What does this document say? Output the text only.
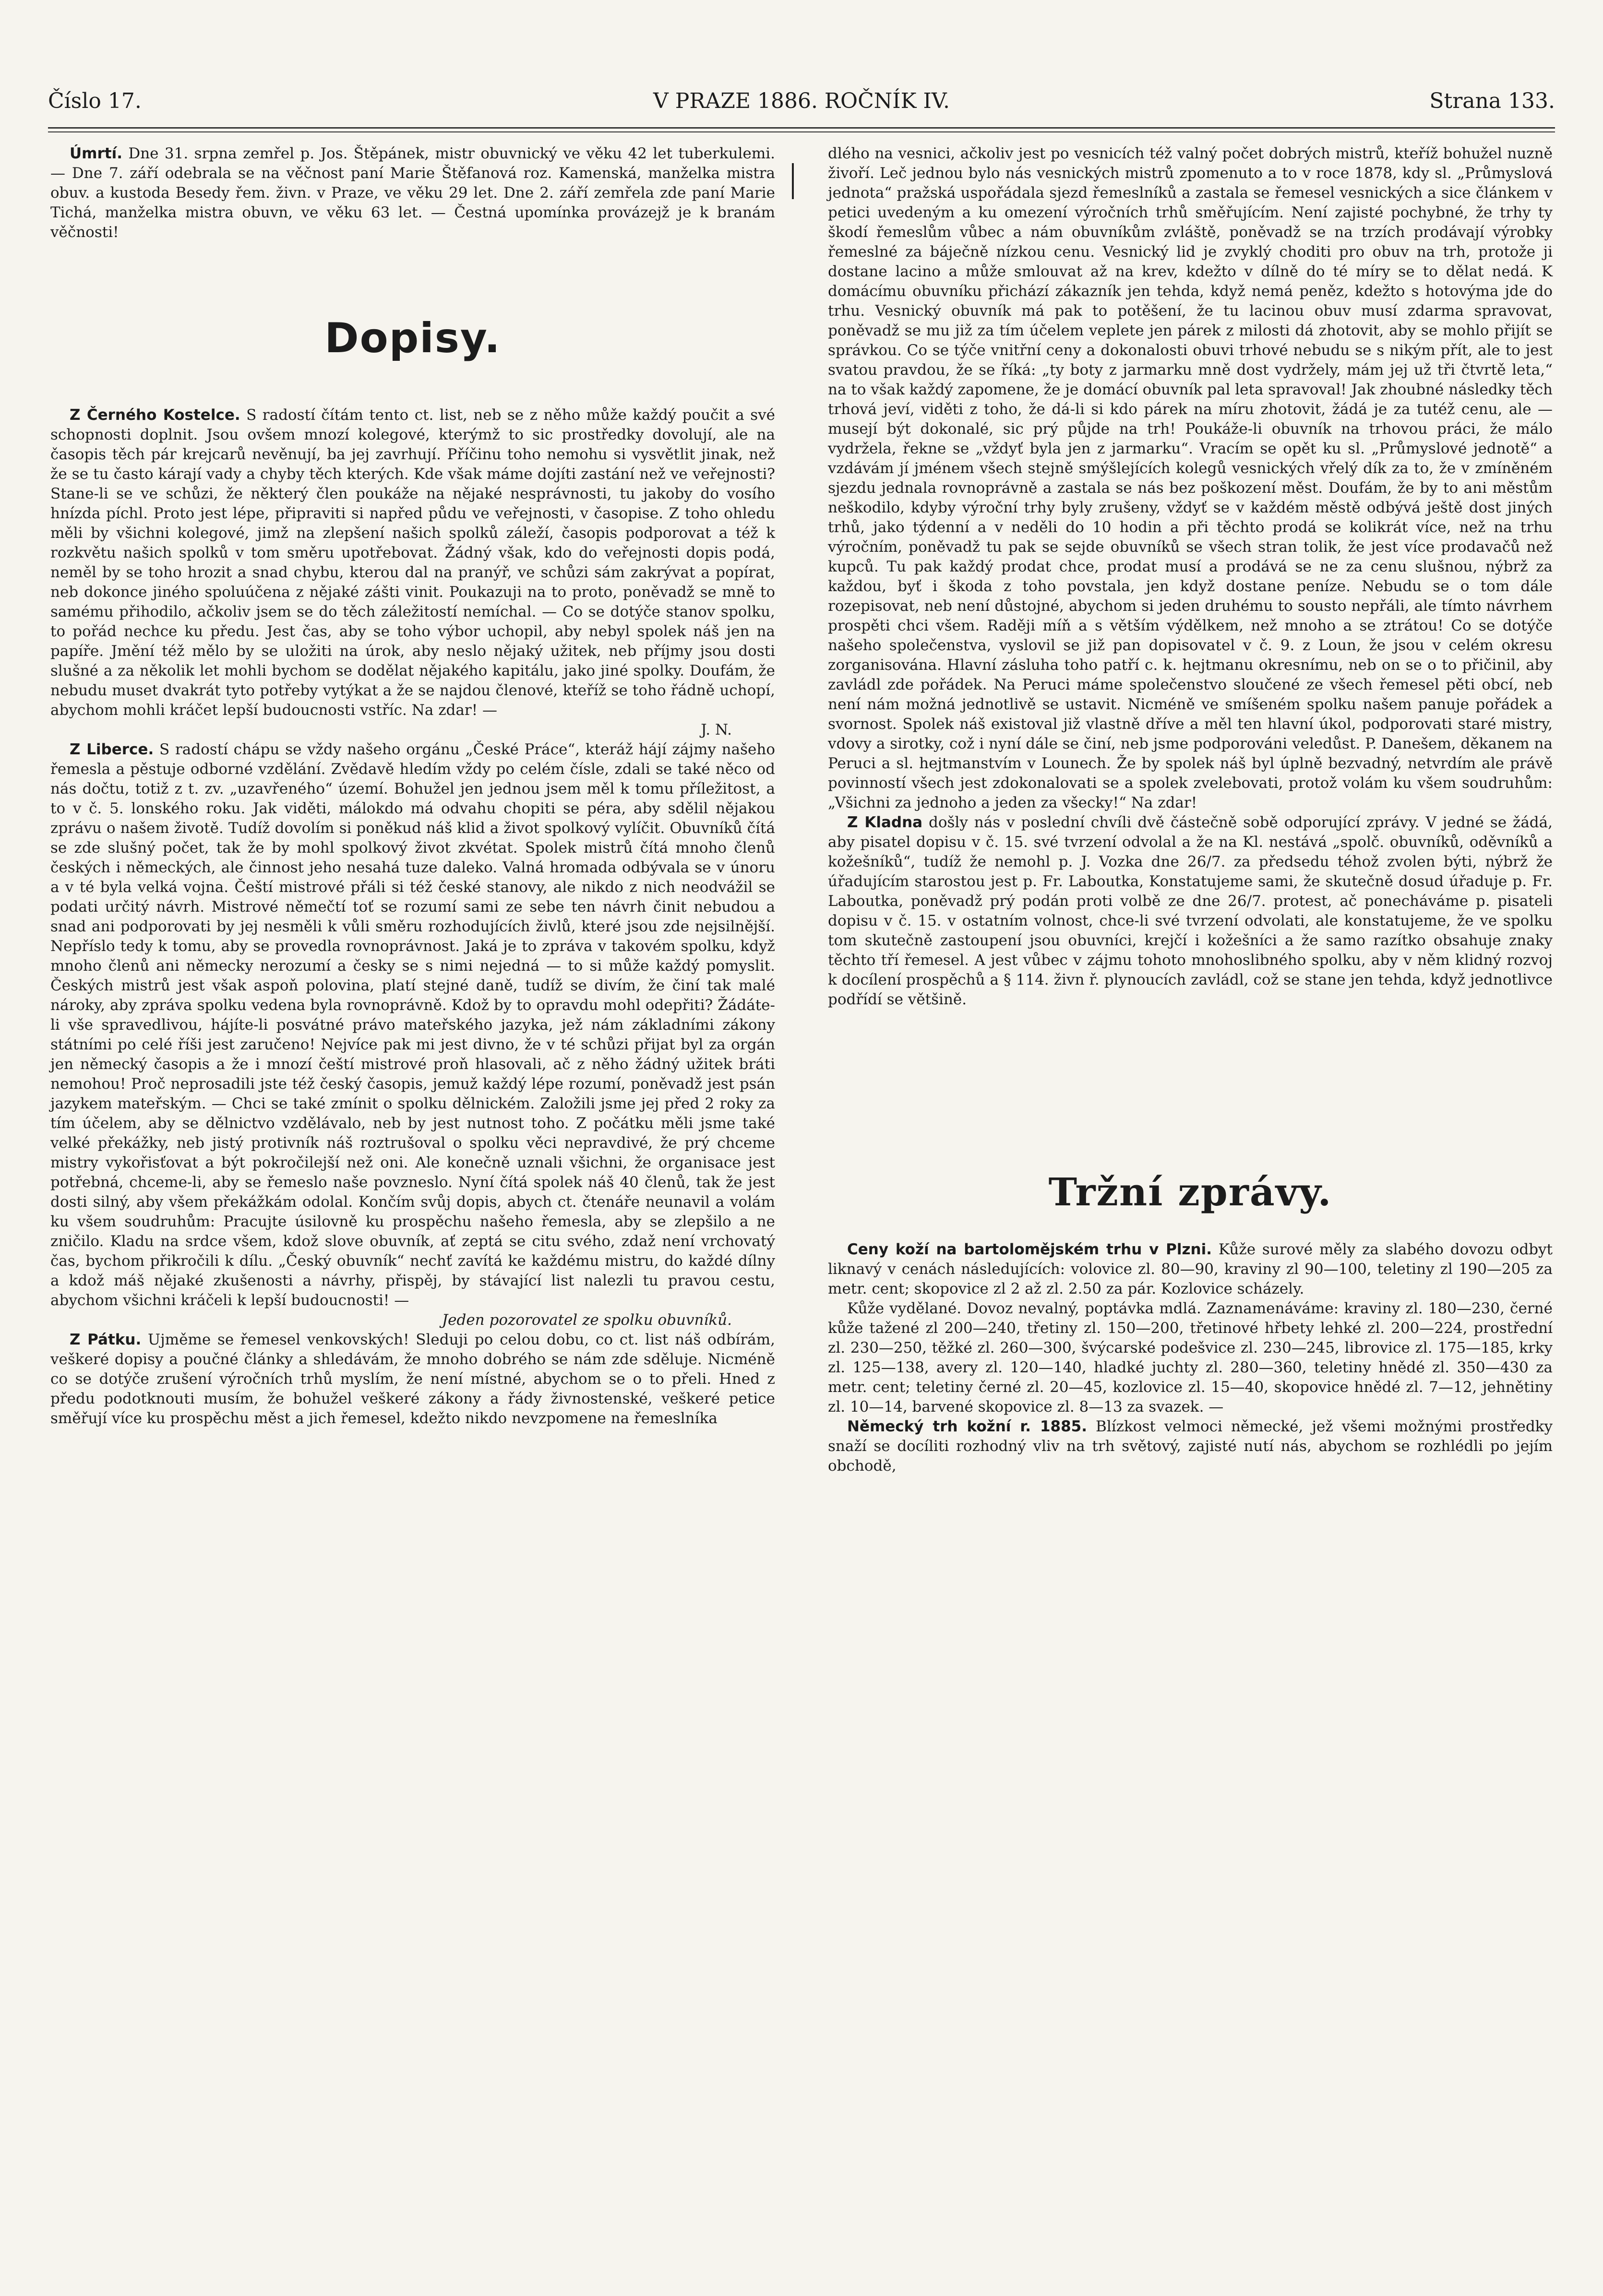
Číslo 17.	V PRAZE 1886. ROČNÍK IV.	Strana 133.

Úmrtí. Dne 31. srpna zemřel p. Jos. Štěpánek, mistr obuvnický ve věku 42 let tuberkulemi. — Dne 7. září odebrala se na věčnost paní Marie Štěfanová roz. Kamenská, manželka mistra obuv. a kustoda Besedy řem. živn. v Praze, ve věku 29 let. Dne 2. září zemřela zde paní Marie Tichá, manželka mistra obuvn, ve věku 63 let. — Čestná upomínka provázejž je k branám věčnosti!

Dopisy.

Z Černého Kostelce. S radostí čítám tento ct. list, neb se z něho může každý poučit a své schopnosti doplnit. Jsou ovšem mnozí kolegové, kterýmž to sic prostředky dovolují, ale na časopis těch pár krejcarů nevěnují, ba jej zavrhují. Příčinu toho nemohu si vysvětlit jinak, než že se tu často kárají vady a chyby těch kterých. Kde však máme dojíti zastání než ve veřejnosti? Stane-li se ve schůzi, že některý člen poukáže na nějaké nesprávnosti, tu jakoby do vosího hnízda píchl. Proto jest lépe, připraviti si napřed půdu ve veřejnosti, v časopise. Z toho ohledu měli by všichni kolegové, jimž na zlepšení našich spolků záleží, časopis podporovat a též k rozkvětu našich spolků v tom směru upotřebovat. Žádný však, kdo do veřejnosti dopis podá, neměl by se toho hrozit a snad chybu, kterou dal na pranýř, ve schůzi sám zakrývat a popírat, neb dokonce jiného spoluúčena z nějaké zášti vinit. Poukazuji na to proto, poněvadž se mně to samému přihodilo, ačkoliv jsem se do těch záležitostí nemíchal. — Co se dotýče stanov spolku, to pořád nechce ku předu. Jest čas, aby se toho výbor uchopil, aby nebyl spolek náš jen na papíře. Jmění též mělo by se uložiti na úrok, aby neslo nějaký užitek, neb příjmy jsou dosti slušné a za několik let mohli bychom se dodělat nějakého kapitálu, jako jiné spolky. Doufám, že nebudu muset dvakrát tyto potřeby vytýkat a že se najdou členové, kteříž se toho řádně uchopí, abychom mohli kráčet lepší budoucnosti vstříc. Na zdar! —

J. N.

Z Liberce. S radostí chápu se vždy našeho orgánu „České Práce“, kteráž hájí zájmy našeho řemesla a pěstuje odborné vzdělání. Zvědavě hledím vždy po celém čísle, zdali se také něco od nás dočtu, totiž z t. zv. „uzavřeného“ území. Bohužel jen jednou jsem měl k tomu příležitost, a to v č. 5. lonského roku. Jak viděti, málokdo má odvahu chopiti se péra, aby sdělil nějakou zprávu o našem životě. Tudíž dovolím si poněkud náš klid a život spolkový vylíčit. Obuvníků čítá se zde slušný počet, tak že by mohl spolkový život zkvétat. Spolek mistrů čítá mnoho členů českých i německých, ale činnost jeho nesahá tuze daleko. Valná hromada odbývala se v únoru a v té byla velká vojna. Čeští mistrové přáli si též české stanovy, ale nikdo z nich neodvážil se podati určitý návrh. Mistrové němečtí toť se rozumí sami ze sebe ten návrh činit nebudou a snad ani podporovati by jej nesměli k vůli směru rozhodujících živlů, které jsou zde nejsilnější. Nepříslo tedy k tomu, aby se provedla rovnoprávnost. Jaká je to zpráva v takovém spolku, když mnoho členů ani německy nerozumí a česky se s nimi nejedná — to si může každý pomyslit. Českých mistrů jest však aspoň polovina, platí stejné daně, tudíž se divím, že činí tak malé nároky, aby zpráva spolku vedena byla rovnoprávně. Kdož by to opravdu mohl odepřiti? Žádáte-li vše spravedlivou, hájíte-li posvátné právo mateřského jazyka, jež nám základními zákony státními po celé říši jest zaručeno! Nejvíce pak mi jest divno, že v té schůzi přijat byl za orgán jen německý časopis a že i mnozí čeští mistrové proň hlasovali, ač z něho žádný užitek bráti nemohou! Proč neprosadili jste též český časopis, jemuž každý lépe rozumí, poněvadž jest psán jazykem mateřským. — Chci se také zmínit o spolku dělnickém. Založili jsme jej před 2 roky za tím účelem, aby se dělnictvo vzdělávalo, neb by jest nutnost toho. Z počátku měli jsme také velké překážky, neb jistý protivník náš roztrušoval o spolku věci nepravdivé, že prý chceme mistry vykořisťovat a být pokročilejší než oni. Ale konečně uznali všichni, že organisace jest potřebná, chceme-li, aby se řemeslo naše povzneslo. Nyní čítá spolek náš 40 členů, tak že jest dosti silný, aby všem překážkám odolal. Končím svůj dopis, abych ct. čtenáře neunavil a volám ku všem soudruhům: Pracujte úsilovně ku prospěchu našeho řemesla, aby se zlepšilo a ne zničilo. Kladu na srdce všem, kdož slove obuvník, ať zeptá se citu svého, zdaž není vrchovatý čas, bychom přikročili k dílu. „Český obuvník“ nechť zavítá ke každému mistru, do každé dílny a kdož máš nějaké zkušenosti a návrhy, přispěj, by stávající list nalezli tu pravou cestu, abychom všichni kráčeli k lepší budoucnosti! —

Jeden pozorovatel ze spolku obuvníků.

Z Pátku. Ujměme se řemesel venkovských! Sleduji po celou dobu, co ct. list náš odbírám, veškeré dopisy a poučné články a shledávám, že mnoho dobrého se nám zde sděluje. Nicméně co se dotýče zrušení výročních trhů myslím, že není místné, abychom se o to přeli. Hned z předu podotknouti musím, že bohužel veškeré zákony a řády živnostenské, veškeré petice směřují více ku prospěchu měst a jich řemesel, kdežto nikdo nevzpomene na řemeslníka

dlého na vesnici, ačkoliv jest po vesnicích též valný počet dobrých mistrů, kteříž bohužel nuzně živoří. Leč jednou bylo nás vesnických mistrů zpomenuto a to v roce 1878, kdy sl. „Průmyslová jednota“ pražská uspořádala sjezd řemeslníků a zastala se řemesel vesnických a sice článkem v petici uvedeným a ku omezení výročních trhů směřujícím. Není zajisté pochybné, že trhy ty škodí řemeslům vůbec a nám obuvníkům zvláště, poněvadž se na trzích prodávají výrobky řemeslné za báječně nízkou cenu. Vesnický lid je zvyklý choditi pro obuv na trh, protože ji dostane lacino a může smlouvat až na krev, kdežto v dílně do té míry se to dělat nedá. K domácímu obuvníku přichází zákazník jen tehda, když nemá peněz, kdežto s hotovýma jde do trhu. Vesnický obuvník má pak to potěšení, že tu lacinou obuv musí zdarma spravovat, poněvadž se mu již za tím účelem veplete jen párek z milosti dá zhotovit, aby se mohlo přijít se správkou. Co se týče vnitřní ceny a dokonalosti obuvi trhové nebudu se s nikým přít, ale to jest svatou pravdou, že se říká: „ty boty z jarmarku mně dost vydržely, mám jej už tři čtvrtě leta,“ na to však každý zapomene, že je domácí obuvník pal leta spravoval! Jak zhoubné následky těch trhová jeví, viděti z toho, že dá-li si kdo párek na míru zhotovit, žádá je za tutéž cenu, ale — musejí být dokonalé, sic prý půjde na trh! Poukáže-li obuvník na trhovou práci, že málo vydržela, řekne se „vždyť byla jen z jarmarku“. Vracím se opět ku sl. „Průmyslové jednotě“ a vzdávám jí jménem všech stejně smýšlejících kolegů vesnických vřelý dík za to, že v zmíněném sjezdu jednala rovnoprávně a zastala se nás bez poškození měst. Doufám, že by to ani městům neškodilo, kdyby výroční trhy byly zrušeny, vždyť se v každém městě odbývá ještě dost jiných trhů, jako týdenní a v neděli do 10 hodin a při těchto prodá se kolikrát více, než na trhu výročním, poněvadž tu pak se sejde obuvníků se všech stran tolik, že jest více prodavačů než kupců. Tu pak každý prodat chce, prodat musí a prodává se ne za cenu slušnou, nýbrž za každou, byť i škoda z toho povstala, jen když dostane peníze. Nebudu se o tom dále rozepisovat, neb není důstojné, abychom si jeden druhému to sousto nepřáli, ale tímto návrhem prospěti chci všem. Raději míň a s větším výdělkem, než mnoho a se ztrátou! Co se dotýče našeho společenstva, vyslovil se již pan dopisovatel v č. 9. z Loun, že jsou v celém okresu zorganisována. Hlavní zásluha toho patří c. k. hejtmanu okresnímu, neb on se o to přičinil, aby zavládl zde pořádek. Na Peruci máme společenstvo sloučené ze všech řemesel pěti obcí, neb není nám možná jednotlivě se ustavit. Nicméně ve smíšeném spolku našem panuje pořádek a svornost. Spolek náš existoval již vlastně dříve a měl ten hlavní úkol, podporovati staré mistry, vdovy a sirotky, což i nyní dále se činí, neb jsme podporováni veledůst. P. Danešem, děkanem na Peruci a sl. hejtmanstvím v Lounech. Že by spolek náš byl úplně bezvadný, netvrdím ale právě povinností všech jest zdokonalovati se a spolek zvelebovati, protož volám ku všem soudruhům: „Všichni za jednoho a jeden za všecky!“ Na zdar!

Z Kladna došly nás v poslední chvíli dvě částečně sobě odporující zprávy. V jedné se žádá, aby pisatel dopisu v č. 15. své tvrzení odvolal a že na Kl. nestává „spolč. obuvníků, oděvníků a kožešníků“, tudíž že nemohl p. J. Vozka dne 26/7. za předsedu téhož zvolen býti, nýbrž že úřadujícím starostou jest p. Fr. Laboutka, Konstatujeme sami, že skutečně dosud úřaduje p. Fr. Laboutka, poněvadž prý podán proti volbě ze dne 26/7. protest, ač ponecháváme p. pisateli dopisu v č. 15. v ostatním volnost, chce-li své tvrzení odvolati, ale konstatujeme, že ve spolku tom skutečně zastoupení jsou obuvníci, krejčí i kožešníci a že samo razítko obsahuje znaky těchto tří řemesel. A jest vůbec v zájmu tohoto mnohoslibného spolku, aby v něm klidný rozvoj k docílení prospěchů a § 114. živn ř. plynoucích zavládl, což se stane jen tehda, když jednotlivce podřídí se většině.

Tržní zprávy.

Ceny koží na bartolomějském trhu v Plzni. Kůže surové měly za slabého dovozu odbyt liknavý v cenách následujících: volovice zl. 80—90, kraviny zl 90—100, teletiny zl 190—205 za metr. cent; skopovice zl 2 až zl. 2.50 za pár. Kozlovice scházely.

Kůže vydělané. Dovoz nevalný, poptávka mdlá. Zaznamenáváme: kraviny zl. 180—230, černé kůže tažené zl 200—240, třetiny zl. 150—200, třetinové hřbety lehké zl. 200—224, prostřední zl. 230—250, těžké zl. 260—300, švýcarské podešvice zl. 230—245, librovice zl. 175—185, krky zl. 125—138, avery zl. 120—140, hladké juchty zl. 280—360, teletiny hnědé zl. 350—430 za metr. cent; teletiny černé zl. 20—45, kozlovice zl. 15—40, skopovice hnědé zl. 7—12, jehnětiny zl. 10—14, barvené skopovice zl. 8—13 za svazek. —

Německý trh kožní r. 1885. Blízkost velmoci německé, jež všemi možnými prostředky snaží se docíliti rozhodný vliv na trh světový, zajisté nutí nás, abychom se rozhlédli po jejím obchodě,
